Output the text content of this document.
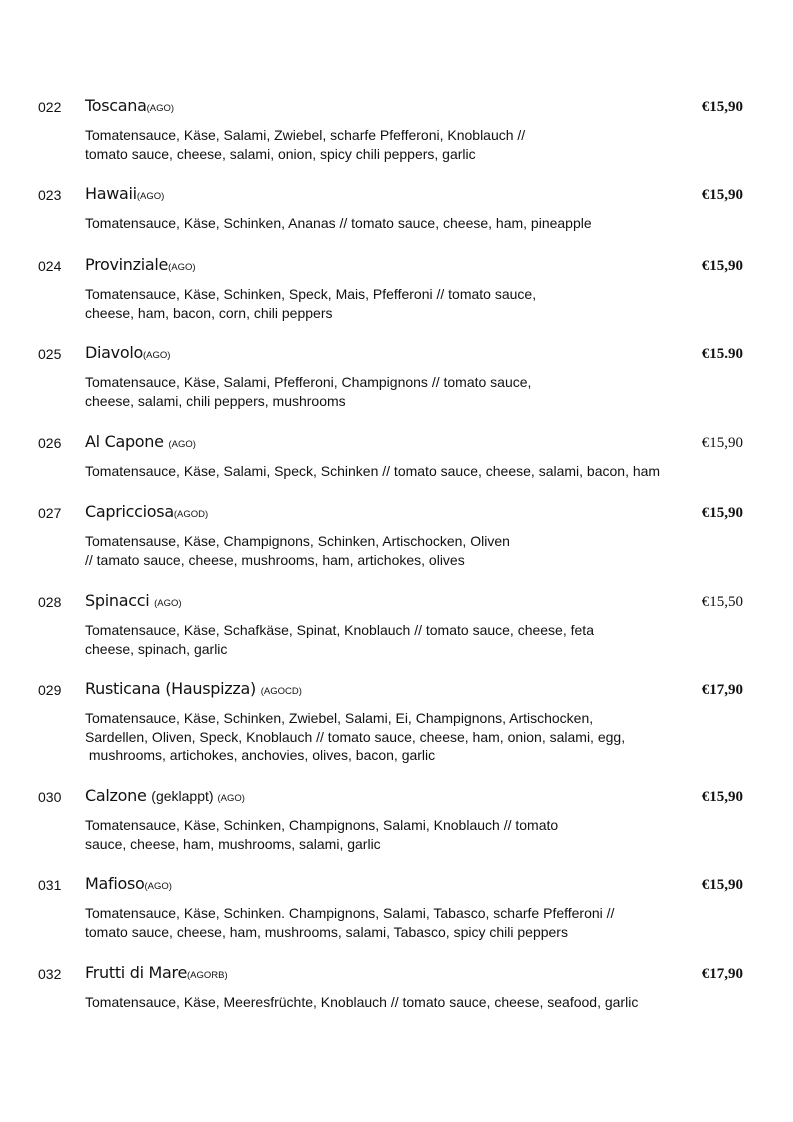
022 Toscana(AGO)	€15,90
Tomatensauce, Käse, Salami, Zwiebel, scharfe Pfefferoni, Knoblauch //
tomato sauce, cheese, salami, onion, spicy chili peppers, garlic
023 Hawaii(AGO)	€15,90
Tomatensauce, Käse, Schinken, Ananas // tomato sauce, cheese, ham, pineapple
024 Provinziale(AGO)	€15,90
Tomatensauce, Käse, Schinken, Speck, Mais, Pfefferoni // tomato sauce,
cheese, ham, bacon, corn, chili peppers
025 Diavolo(AGO)	€15.90
Tomatensauce, Käse, Salami, Pfefferoni, Champignons // tomato sauce,
cheese, salami, chili peppers, mushrooms
026 Al Capone (AGO)	€15,90
Tomatensauce, Käse, Salami, Speck, Schinken // tomato sauce, cheese, salami, bacon, ham
027 Capricciosa(AGOD)	€15,90
Tomatensause, Käse, Champignons, Schinken, Artischocken, Oliven
// tamato sauce, cheese, mushrooms, ham, artichokes, olives
028 Spinacci (AGO)	€15,50
Tomatensauce, Käse, Schafkäse, Spinat, Knoblauch // tomato sauce, cheese, feta
cheese, spinach, garlic
029 Rusticana (Hauspizza) (AGOCD)	€17,90
Tomatensauce, Käse, Schinken, Zwiebel, Salami, Ei, Champignons, Artischocken,
Sardellen, Oliven, Speck, Knoblauch // tomato sauce, cheese, ham, onion, salami, egg,
mushrooms, artichokes, anchovies, olives, bacon, garlic
030 Calzone (geklappt) (AGO)	€15,90
Tomatensauce, Käse, Schinken, Champignons, Salami, Knoblauch // tomato
sauce, cheese, ham, mushrooms, salami, garlic
031 Mafioso(AGO)	€15,90
Tomatensauce, Käse, Schinken. Champignons, Salami, Tabasco, scharfe Pfefferoni //
tomato sauce, cheese, ham, mushrooms, salami, Tabasco, spicy chili peppers
032 Frutti di Mare(AGORB)	€17,90
Tomatensauce, Käse, Meeresfrüchte, Knoblauch // tomato sauce, cheese, seafood, garlic
